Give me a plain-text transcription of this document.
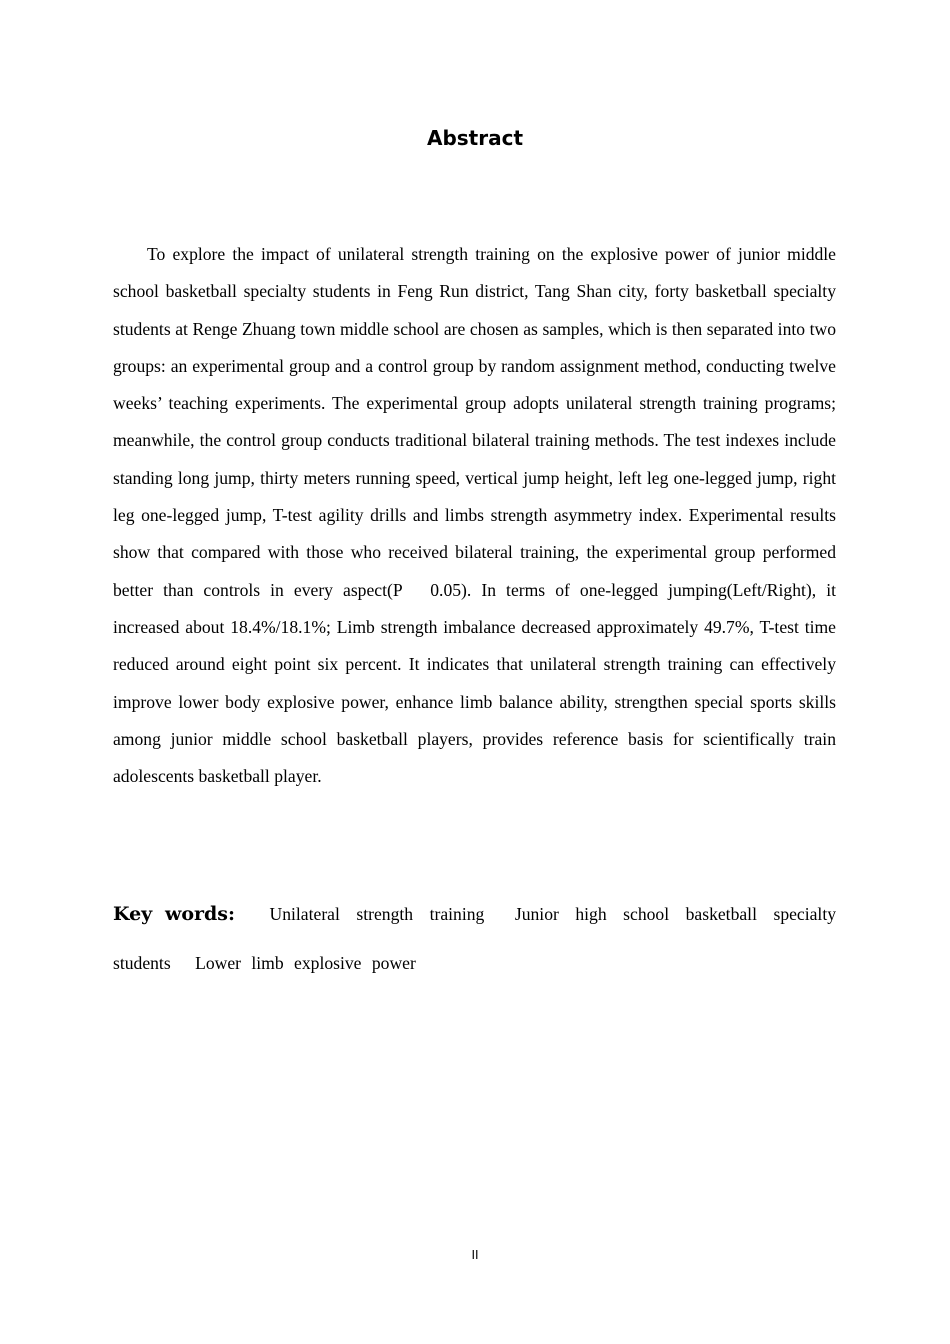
Abstract

To explore the impact of unilateral strength training on the explosive power of junior middle school basketball specialty students in Feng Run district, Tang Shan city, forty basketball specialty students at Renge Zhuang town middle school are chosen as samples, which is then separated into two groups: an experimental group and a control group by random assignment method, conducting twelve weeks’ teaching experiments. The experimental group adopts unilateral strength training programs; meanwhile, the control group conducts traditional bilateral training methods. The test indexes include standing long jump, thirty meters running speed, vertical jump height, left leg one-legged jump, right leg one-legged jump, T-test agility drills and limbs strength asymmetry index. Experimental results show that compared with those who received bilateral training, the experimental group performed better than controls in every aspect(P  0.05). In terms of one-legged jumping(Left/Right), it increased about 18.4%/18.1%; Limb strength imbalance decreased approximately 49.7%, T-test time reduced around eight point six percent. It indicates that unilateral strength training can effectively improve lower body explosive power, enhance limb balance ability, strengthen special sports skills among junior middle school basketball players, provides reference basis for scientifically train adolescents basketball player.

Key words: Unilateral strength training Junior high school basketball specialty students Lower limb explosive power

II
